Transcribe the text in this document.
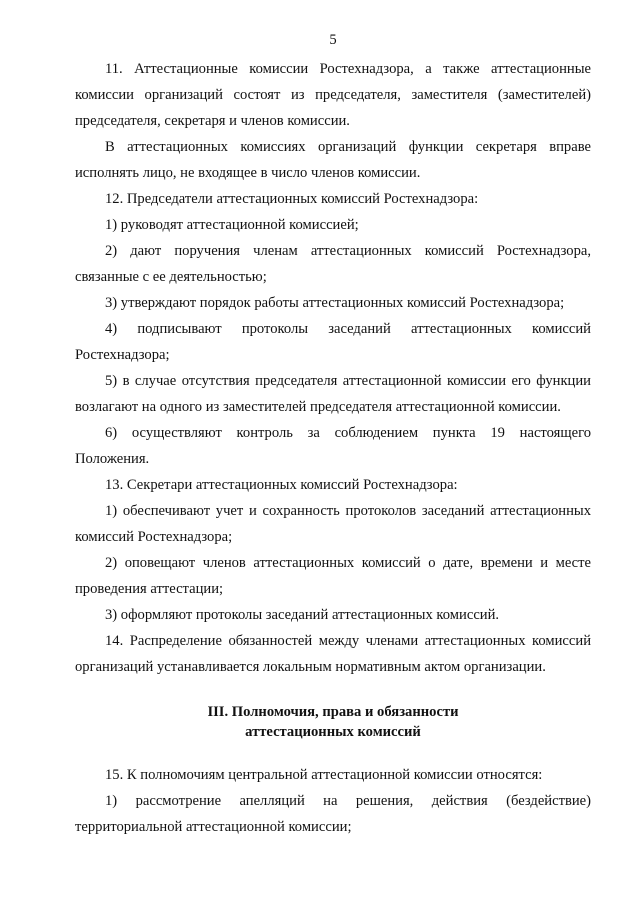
5

11. Аттестационные комиссии Ростехнадзора, а также аттестационные комиссии организаций состоят из председателя, заместителя (заместителей) председателя, секретаря и членов комиссии.

В аттестационных комиссиях организаций функции секретаря вправе исполнять лицо, не входящее в число членов комиссии.

12. Председатели аттестационных комиссий Ростехнадзора:

1) руководят аттестационной комиссией;

2) дают поручения членам аттестационных комиссий Ростехнадзора, связанные с ее деятельностью;

3) утверждают порядок работы аттестационных комиссий Ростехнадзора;

4) подписывают протоколы заседаний аттестационных комиссий Ростехнадзора;

5) в случае отсутствия председателя аттестационной комиссии его функции возлагают на одного из заместителей председателя аттестационной комиссии.

6) осуществляют контроль за соблюдением пункта 19 настоящего Положения.

13. Секретари аттестационных комиссий Ростехнадзора:

1) обеспечивают учет и сохранность протоколов заседаний аттестационных комиссий Ростехнадзора;

2) оповещают членов аттестационных комиссий о дате, времени и месте проведения аттестации;

3) оформляют протоколы заседаний аттестационных комиссий.

14. Распределение обязанностей между членами аттестационных комиссий организаций устанавливается локальным нормативным актом организации.

III. Полномочия, права и обязанности
аттестационных комиссий

15. К полномочиям центральной аттестационной комиссии относятся:

1) рассмотрение апелляций на решения, действия (бездействие) территориальной аттестационной комиссии;
